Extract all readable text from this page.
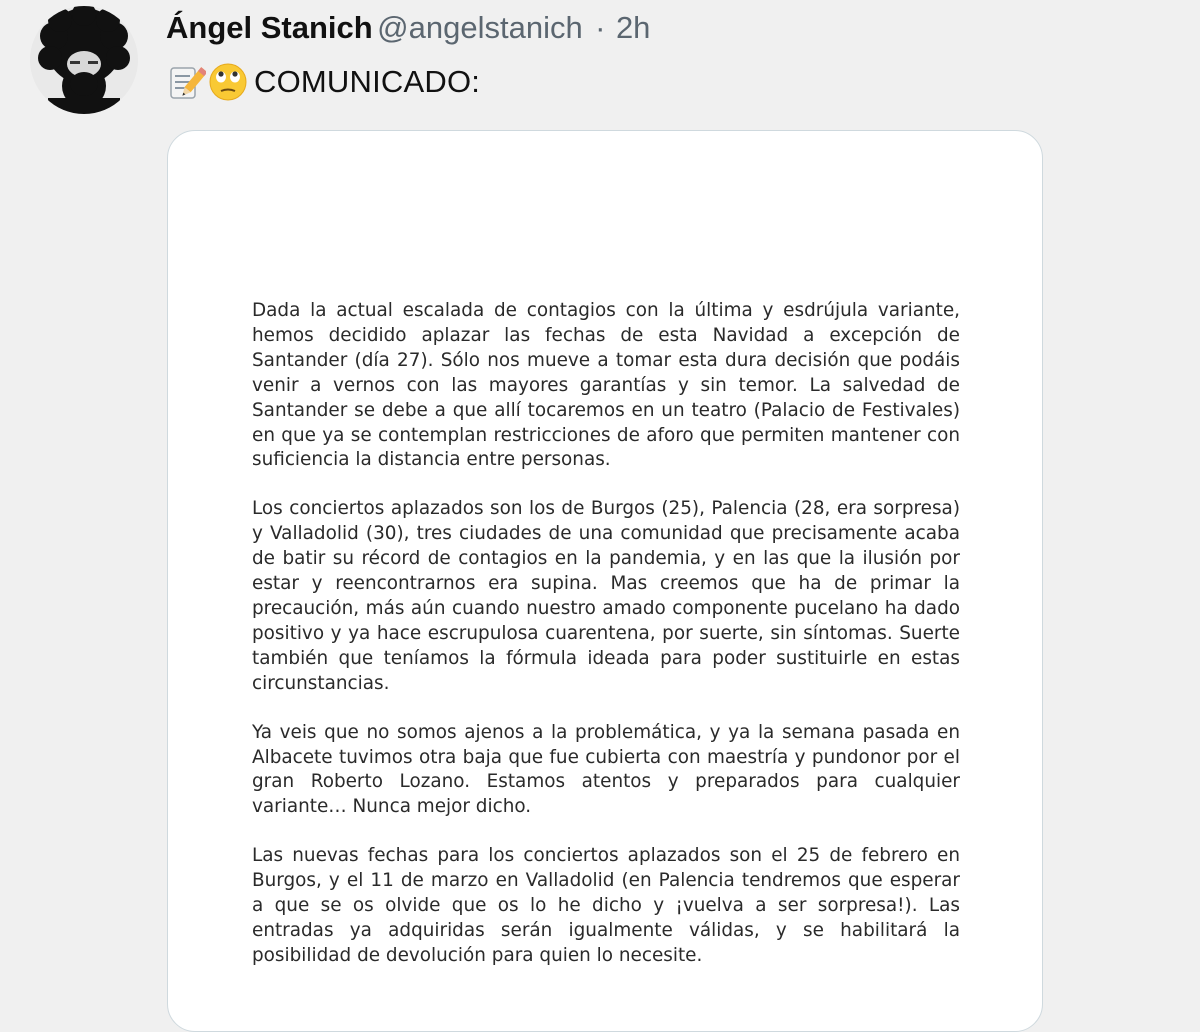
Ángel Stanich @angelstanich · 2h
COMUNICADO:

Dada la actual escalada de contagios con la última y esdrújula variante, hemos decidido aplazar las fechas de esta Navidad a excepción de Santander (día 27). Sólo nos mueve a tomar esta dura decisión que podáis venir a vernos con las mayores garantías y sin temor. La salvedad de Santander se debe a que allí tocaremos en un teatro (Palacio de Festivales) en que ya se contemplan restricciones de aforo que permiten mantener con suficiencia la distancia entre personas.

Los conciertos aplazados son los de Burgos (25), Palencia (28, era sorpresa) y Valladolid (30), tres ciudades de una comunidad que precisamente acaba de batir su récord de contagios en la pandemia, y en las que la ilusión por estar y reencontrarnos era supina. Mas creemos que ha de primar la precaución, más aún cuando nuestro amado componente pucelano ha dado positivo y ya hace escrupulosa cuarentena, por suerte, sin síntomas. Suerte también que teníamos la fórmula ideada para poder sustituirle en estas circunstancias.

Ya veis que no somos ajenos a la problemática, y ya la semana pasada en Albacete tuvimos otra baja que fue cubierta con maestría y pundonor por el gran Roberto Lozano. Estamos atentos y preparados para cualquier variante… Nunca mejor dicho.

Las nuevas fechas para los conciertos aplazados son el 25 de febrero en Burgos, y el 11 de marzo en Valladolid (en Palencia tendremos que esperar a que se os olvide que os lo he dicho y ¡vuelva a ser sorpresa!). Las entradas ya adquiridas serán igualmente válidas, y se habilitará la posibilidad de devolución para quien lo necesite.
